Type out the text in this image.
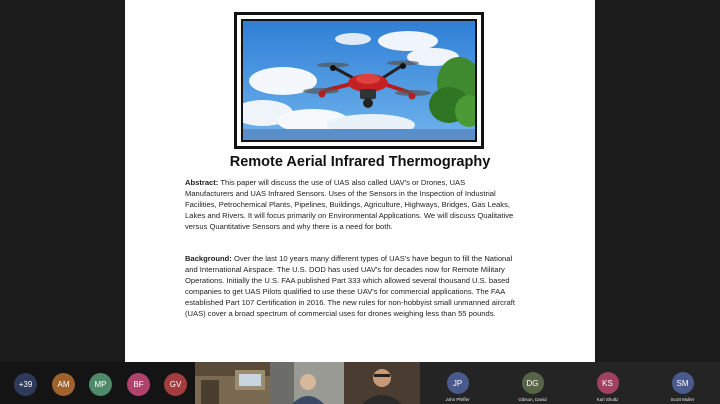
Remote Aerial Infrared Thermography
Abstract: This paper will discuss the use of UAS also called UAV's or Drones, UAS Manufacturers and UAS Infrared Sensors. Uses of the Sensors in the Inspection of Industrial Facilities, Petrochemical Plants, Pipelines, Buildings, Agriculture, Highways, Bridges, Gas Leaks, Lakes and Rivers. It will focus primarily on Environmental Applications. We will discuss Qualitative versus Quantitative Sensors and why there is a need for both.
Background: Over the last 10 years many different types of UAS's have begun to fill the National and International Airspace. The U.S. DOD has used UAV's for decades now for Remote Military Operations. Initially the U.S. FAA published Part 333 which allowed several thousand U.S. based companies to get UAS Pilots qualified to use these UAV's for commercial applications. The FAA established Part 107 Certification in 2016. The new rules for non-hobbyist small unmanned aircraft (UAS) cover a broad spectrum of commercial uses for drones weighing less than 55 pounds.
+39	AM	MP	BF	GV	JP
John Pfeffer
DG
Gibson, David
KS
Karl Shultz
SM
Scott Muller
